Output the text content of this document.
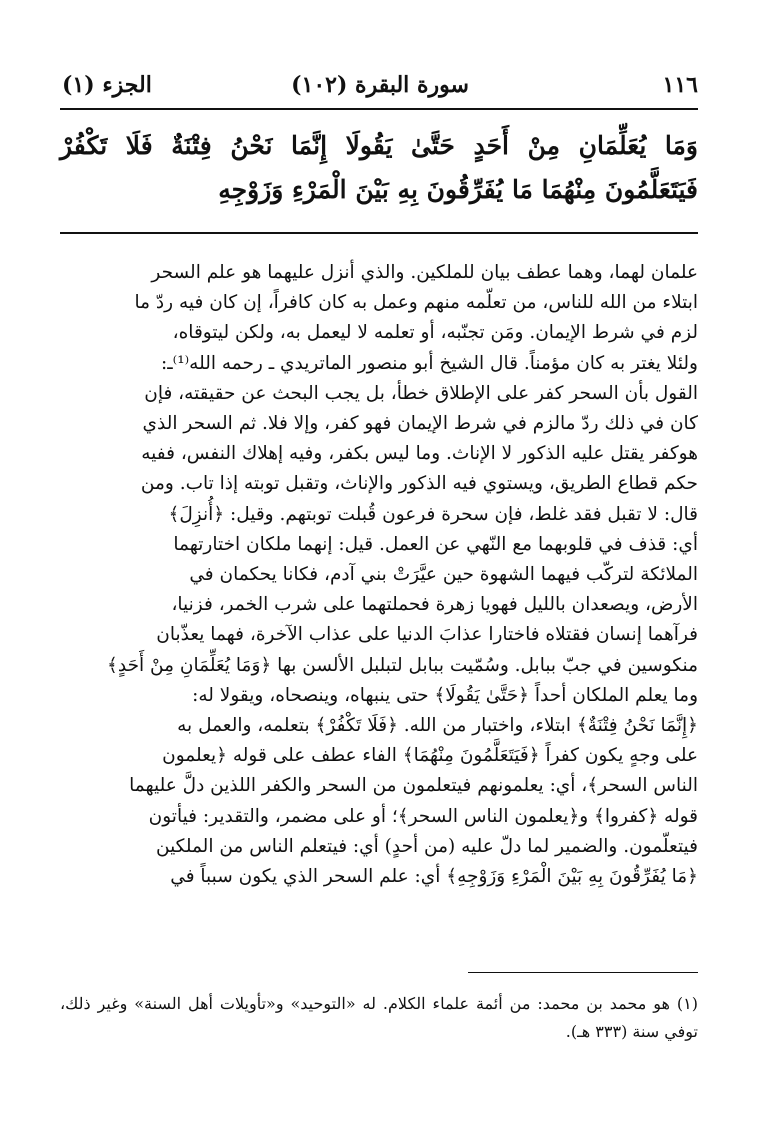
١١٦
سورة البقرة (١٠٢)
الجزء (١)
وَمَا يُعَلِّمَانِ مِنْ أَحَدٍ حَتَّىٰ يَقُولَا إِنَّمَا نَحْنُ فِتْنَةٌ فَلَا تَكْفُرْ فَيَتَعَلَّمُونَ مِنْهُمَا مَا يُفَرِّقُونَ بِهِ بَيْنَ الْمَرْءِ وَزَوْجِهِ

علمان لهما، وهما عطف بيان للملكين. والذي أنزل عليهما هو علم السحر

ابتلاء من الله للناس، من تعلّمه منهم وعمل به كان كافراً، إن كان فيه ردّ ما

لزم في شرط الإيمان. ومَن تجنّبه، أو تعلمه لا ليعمل به، ولكن ليتوقاه،

ولئلا يغتر به كان مؤمناً. قال الشيخ أبو منصور الماتريدي ـ رحمه الله⁽¹⁾ـ:

القول بأن السحر كفر على الإطلاق خطأ، بل يجب البحث عن حقيقته، فإن

كان في ذلك ردّ مالزم في شرط الإيمان فهو كفر، وإلا فلا. ثم السحر الذي

هوكفر يقتل عليه الذكور لا الإناث. وما ليس بكفر، وفيه إهلاك النفس، ففيه

حكم قطاع الطريق، ويستوي فيه الذكور والإناث، وتقبل توبته إذا تاب. ومن

قال: لا تقبل فقد غلط، فإن سحرة فرعون قُبلت توبتهم. وقيل: ﴿أُنزِلَ﴾

أي: قذف في قلوبهما مع النّهي عن العمل. قيل: إنهما ملكان اختارتهما

الملائكة لتركّب فيهما الشهوة حين عيَّرَتْ بني آدم، فكانا يحكمان في

الأرض، ويصعدان بالليل فهويا زهرة فحملتهما على شرب الخمر، فزنيا،

فرآهما إنسان فقتلاه فاختارا عذابَ الدنيا على عذاب الآخرة، فهما يعذّبان

منكوسين في جبّ ببابل. وسُمّيت ببابل لتبلبل الألسن بها ﴿وَمَا يُعَلِّمَانِ مِنْ أَحَدٍ﴾

وما يعلم الملكان أحداً ﴿حَتَّىٰ يَقُولَا﴾ حتى ينبهاه، وينصحاه، ويقولا له:

﴿إِنَّمَا نَحْنُ فِتْنَةٌ﴾ ابتلاء، واختبار من الله. ﴿فَلَا تَكْفُرْ﴾ بتعلمه، والعمل به

على وجهٍ يكون كفراً ﴿فَيَتَعَلَّمُونَ مِنْهُمَا﴾ الفاء عطف على قوله ﴿يعلمون

الناس السحر﴾، أي: يعلمونهم فيتعلمون من السحر والكفر اللذين دلَّ عليهما

قوله ﴿كفروا﴾ و﴿يعلمون الناس السحر﴾؛ أو على مضمر، والتقدير: فيأتون

فيتعلّمون. والضمير لما دلّ عليه (من أحدٍ) أي: فيتعلم الناس من الملكين

﴿مَا يُفَرِّقُونَ بِهِ بَيْنَ الْمَرْءِ وَزَوْجِهِ﴾ أي: علم السحر الذي يكون سبباً في

(١) هو محمد بن محمد: من أئمة علماء الكلام. له «التوحيد» و«تأويلات أهل السنة» وغير ذلك، توفي سنة (٣٣٣ هـ).
